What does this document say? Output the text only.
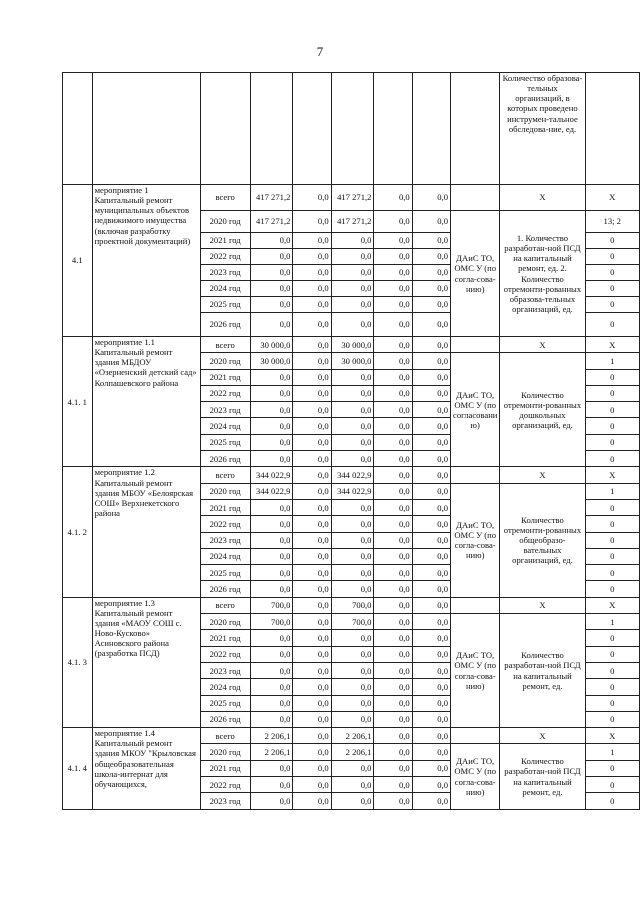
7
									Количество образова-тельных организаций, в которых проведено инструмен-тальное обследова-ние, ед.	
4.1	мероприятие 1 Капитальный ремонт муниципальных объектов недвижимого имущества (включая разработку проектной документаций)	всего	417 271,2	0,0	417 271,2	0,0	0,0		X	X
		2020 год	417 271,2	0,0	417 271,2	0,0	0,0	ДАиС ТО, ОМС У (по согла-сова-нию)	1. Количество разработан-ной ПСД на капитальный ремонт, ед. 2. Количество отремонти-рованных образова-тельных организаций, ед.	13; 2
		2021 год	0,0	0,0	0,0	0,0	0,0			0
		2022 год	0,0	0,0	0,0	0,0	0,0			0
		2023 год	0,0	0,0	0,0	0,0	0,0			0
		2024 год	0,0	0,0	0,0	0,0	0,0			0
		2025 год	0,0	0,0	0,0	0,0	0,0			0
		2026 год	0,0	0,0	0,0	0,0	0,0			0
4.1. 1	мероприятие 1.1 Капитальный ремонт здания МБДОУ «Озерненский детский сад» Колпашевского района	всего	30 000,0	0,0	30 000,0	0,0	0,0		X	X
		2020 год	30 000,0	0,0	30 000,0	0,0	0,0	ДАиС ТО, ОМС У (по согласовани ю)	Количество отремонти-рованных дошкольных организаций, ед.	1
		2021 год	0,0	0,0	0,0	0,0	0,0			0
		2022 год	0,0	0,0	0,0	0,0	0,0			0
		2023 год	0,0	0,0	0,0	0,0	0,0			0
		2024 год	0,0	0,0	0,0	0,0	0,0			0
		2025 год	0,0	0,0	0,0	0,0	0,0			0
		2026 год	0,0	0,0	0,0	0,0	0,0			0
4.1. 2	мероприятие 1.2 Капитальный ремонт здания МБОУ «Белоярская СОШ» Верхнекетского района	всего	344 022,9	0,0	344 022,9	0,0	0,0		X	X
		2020 год	344 022,9	0,0	344 022,9	0,0	0,0	ДАиС ТО, ОМС У (по согла-сова-нию)	Количество отремонти-рованных общеобразо-вательных организаций, ед.	1
		2021 год	0,0	0,0	0,0	0,0	0,0			0
		2022 год	0,0	0,0	0,0	0,0	0,0			0
		2023 год	0,0	0,0	0,0	0,0	0,0			0
		2024 год	0,0	0,0	0,0	0,0	0,0			0
		2025 год	0,0	0,0	0,0	0,0	0,0			0
		2026 год	0,0	0,0	0,0	0,0	0,0			0
4.1. 3	мероприятие 1.3 Капитальный ремонт здания «МАОУ СОШ с. Ново-Кусково» Асиновского района (разработка ПСД)	всего	700,0	0,0	700,0	0,0	0,0		X	X
		2020 год	700,0	0,0	700,0	0,0	0,0	ДАиС ТО, ОМС У (по согла-сова-нию)	Количество разработан-ной ПСД на капитальный ремонт, ед.	1
		2021 год	0,0	0,0	0,0	0,0	0,0			0
		2022 год	0,0	0,0	0,0	0,0	0,0			0
		2023 год	0,0	0,0	0,0	0,0	0,0			0
		2024 год	0,0	0,0	0,0	0,0	0,0			0
		2025 год	0,0	0,0	0,0	0,0	0,0			0
		2026 год	0,0	0,0	0,0	0,0	0,0			0
4.1. 4	мероприятие 1.4 Капитальный ремонт здания МКОУ "Крыловская общеобразовательная школа-интернат для обучающихся,	всего	2 206,1	0,0	2 206,1	0,0	0,0		X	X
		2020 год	2 206,1	0,0	2 206,1	0,0	0,0	ДАиС ТО, ОМС У (по согла-сова-нию)	Количество разработан-ной ПСД на капитальный ремонт, ед.	1
		2021 год	0,0	0,0	0,0	0,0	0,0			0
		2022 год	0,0	0,0	0,0	0,0	0,0			0
		2023 год	0,0	0,0	0,0	0,0	0,0			0
